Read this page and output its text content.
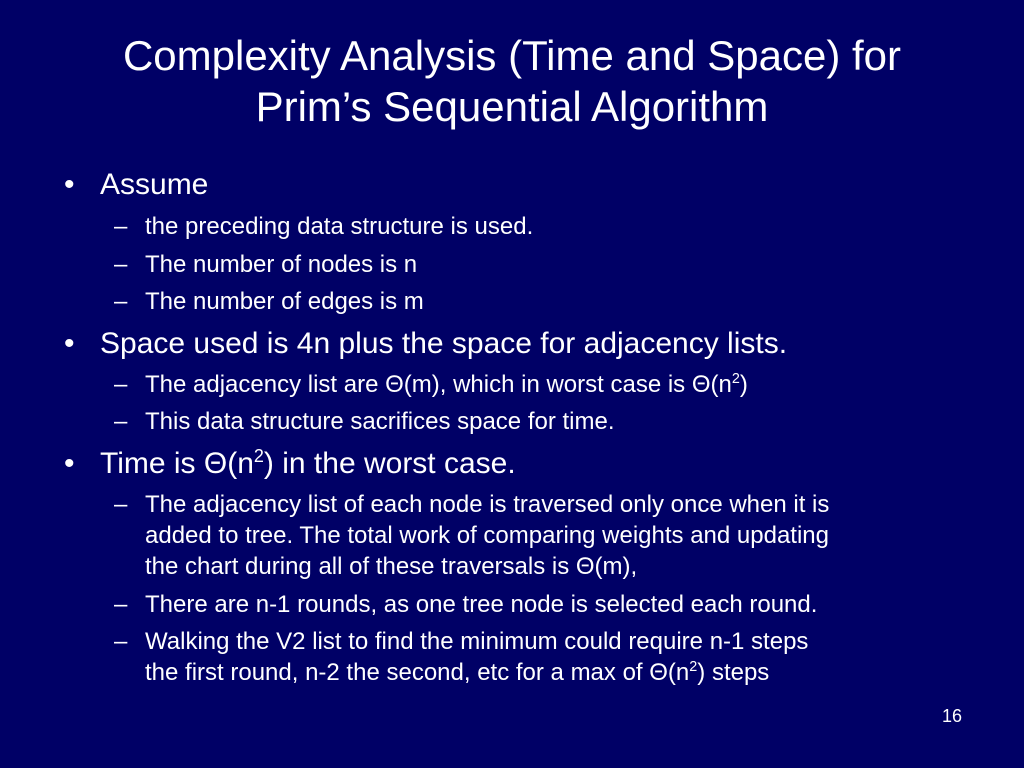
Complexity Analysis (Time and Space) for
Prim’s Sequential Algorithm
• Assume
– the preceding data structure is used.
– The number of nodes is n
– The number of edges is m
• Space used is 4n plus the space for adjacency lists.
– The adjacency list are Θ(m), which in worst case is $\Theta(n^2)$
– This data structure sacrifices space for time.
• Time is $\Theta(n^2)$ in the worst case.
– The adjacency list of each node is traversed only once when it is
added to tree. The total work of comparing weights and updating
the chart during all of these traversals is Θ(m),
– There are n-1 rounds, as one tree node is selected each round.
– Walking the V2 list to find the minimum could require n-1 steps
the first round, n-2 the second, etc for a max of $\Theta(n^2)$ steps
16
